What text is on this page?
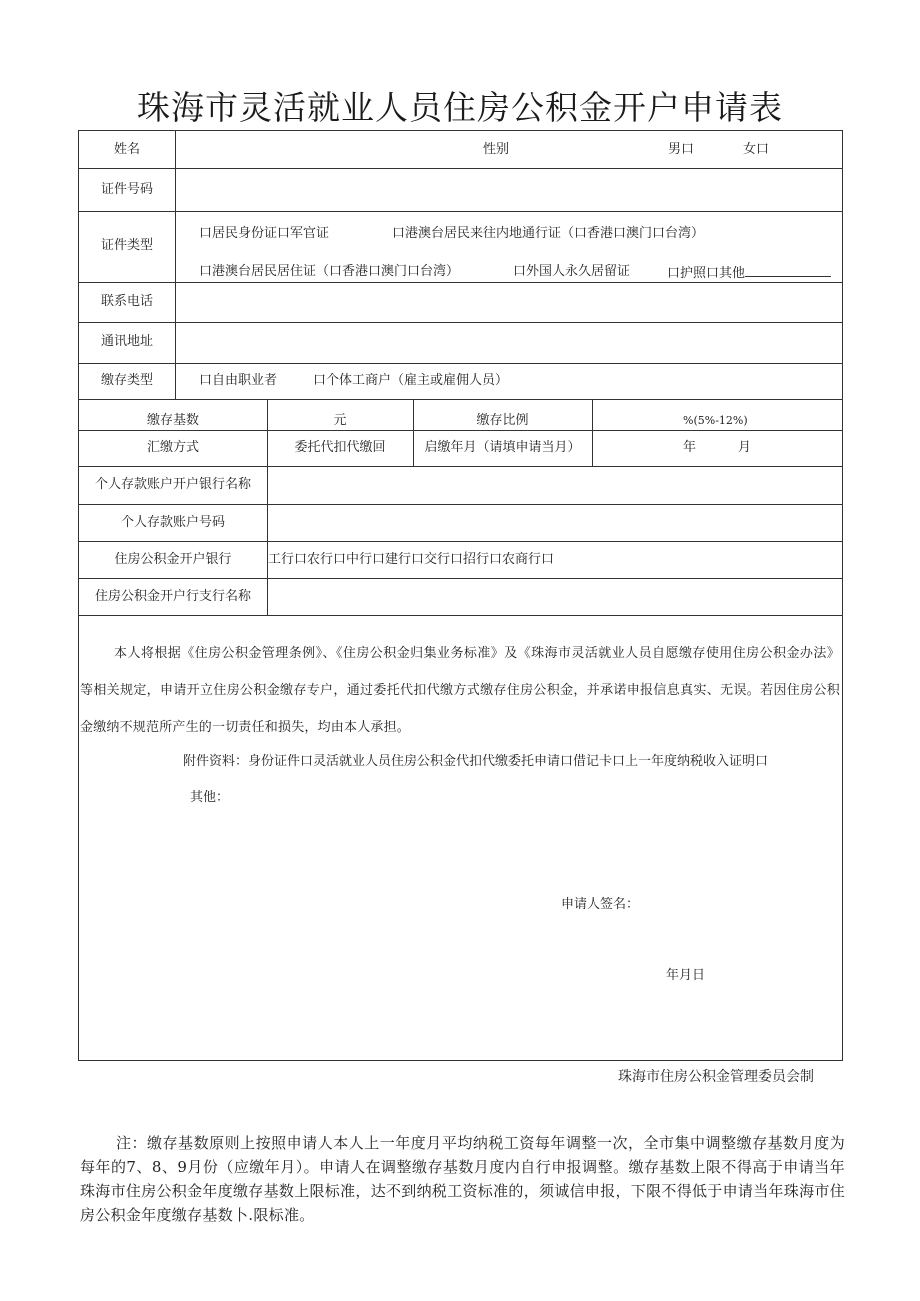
珠海市灵活就业人员住房公积金开户申请表
姓名	性别	男口	女口
证件号码
证件类型
口居民身份证口军官证	口港澳台居民来往内地通行证（口香港口澳门口台湾）
口港澳台居民居住证（口香港口澳门口台湾）	口外国人永久居留证	口护照口其他
联系电话
通讯地址
缴存类型	口自由职业者	口个体工商户（雇主或雇佣人员）
缴存基数	元	缴存比例	%(5%-12%)
汇缴方式	委托代扣代缴回	启缴年月（请填申请当月）	年	月
个人存款账户开户银行名称
个人存款账户号码
住房公积金开户银行	工行口农行口中行口建行口交行口招行口农商行口
住房公积金开户行支行名称
本人将根据《住房公积金管理条例》、《住房公积金归集业务标准》及《珠海市灵活就业人员自愿缴存使用住房公积金办法》等相关规定，申请开立住房公积金缴存专户，通过委托代扣代缴方式缴存住房公积金，并承诺申报信息真实、无误。若因住房公积金缴纳不规范所产生的一切责任和损失，均由本人承担。
附件资料：身份证件口灵活就业人员住房公积金代扣代缴委托申请口借记卡口上一年度纳税收入证明口
其他：
申请人签名：
年月日
珠海市住房公积金管理委员会制
注：缴存基数原则上按照申请人本人上一年度月平均纳税工资每年调整一次，全市集中调整缴存基数月度为每年的7、8、9月份（应缴年月）。申请人在调整缴存基数月度内自行申报调整。缴存基数上限不得高于申请当年珠海市住房公积金年度缴存基数上限标准，达不到纳税工资标准的，须诚信申报，下限不得低于申请当年珠海市住房公积金年度缴存基数卜.限标准。
